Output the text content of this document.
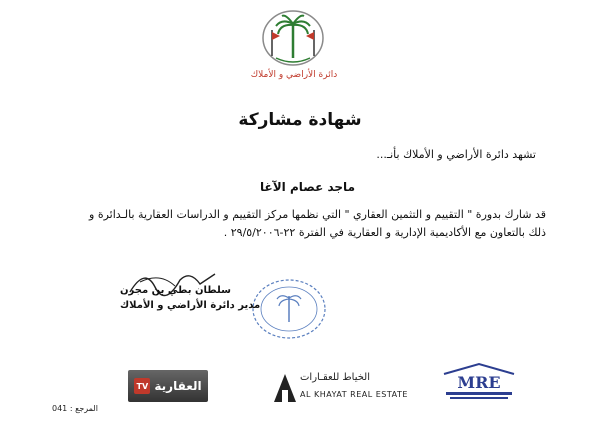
دائرة الأراضي و الأملاك
شهادة مشاركة
تشهد دائرة الأراضي و الأملاك بأنـ...
ماجد عصام الآغا
قد شارك بدورة " التقييم و التثمين العقاري " التي نظمها مركز التقييم و الدراسات العقارية بالـدائرة و
ذلك بالتعاون مع الأكاديمية الإدارية و العقارية في الفترة ٢٢-٢٩/٥/٢٠٠٦ .
سلطان بطي بن مجرن
مدير دائرة الأراضي و الأملاك
TV العقارية
الخياط للعقـارات
AL KHAYAT REAL ESTATE
MRE
المرجع : 041
